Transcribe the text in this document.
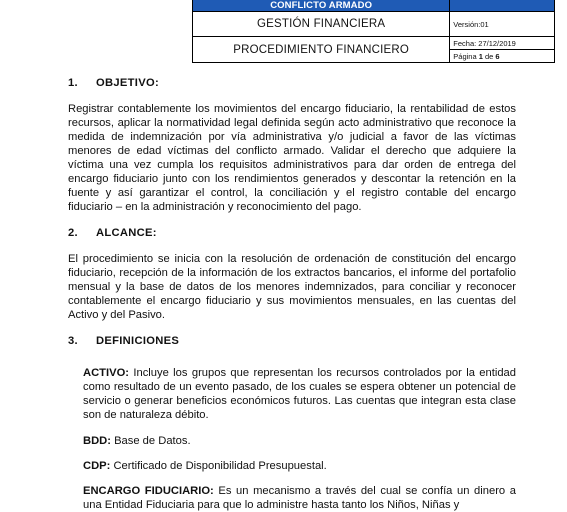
CONFLICTO ARMADO	
GESTIÓN FINANCIERA	Versión:01
PROCEDIMIENTO FINANCIERO	Fecha: 27/12/2019
	Página 1 de 6
1.	OBJETIVO:

Registrar contablemente los movimientos del encargo fiduciario, la rentabilidad de estos recursos, aplicar la normatividad legal definida según acto administrativo que reconoce la medida de indemnización por vía administrativa y/o judicial a favor de las víctimas menores de edad víctimas del conflicto armado. Validar el derecho que adquiere la víctima una vez cumpla los requisitos administrativos para dar orden de entrega del encargo fiduciario junto con los rendimientos generados y descontar la retención en la fuente y así garantizar el control, la conciliación y el registro contable del encargo fiduciario – en la administración y reconocimiento del pago.

2.	ALCANCE:

El procedimiento se inicia con la resolución de ordenación de constitución del encargo fiduciario, recepción de la información de los extractos bancarios, el informe del portafolio mensual y la base de datos de los menores indemnizados, para conciliar y reconocer contablemente el encargo fiduciario y sus movimientos mensuales, en las cuentas del Activo y del Pasivo.

3.	DEFINICIONES

ACTIVO: Incluye los grupos que representan los recursos controlados por la entidad como resultado de un evento pasado, de los cuales se espera obtener un potencial de servicio o generar beneficios económicos futuros. Las cuentas que integran esta clase son de naturaleza débito.

BDD: Base de Datos.

CDP: Certificado de Disponibilidad Presupuestal.

ENCARGO FIDUCIARIO: Es un mecanismo a través del cual se confía un dinero a una Entidad Fiduciaria para que lo administre hasta tanto los Niños, Niñas y
